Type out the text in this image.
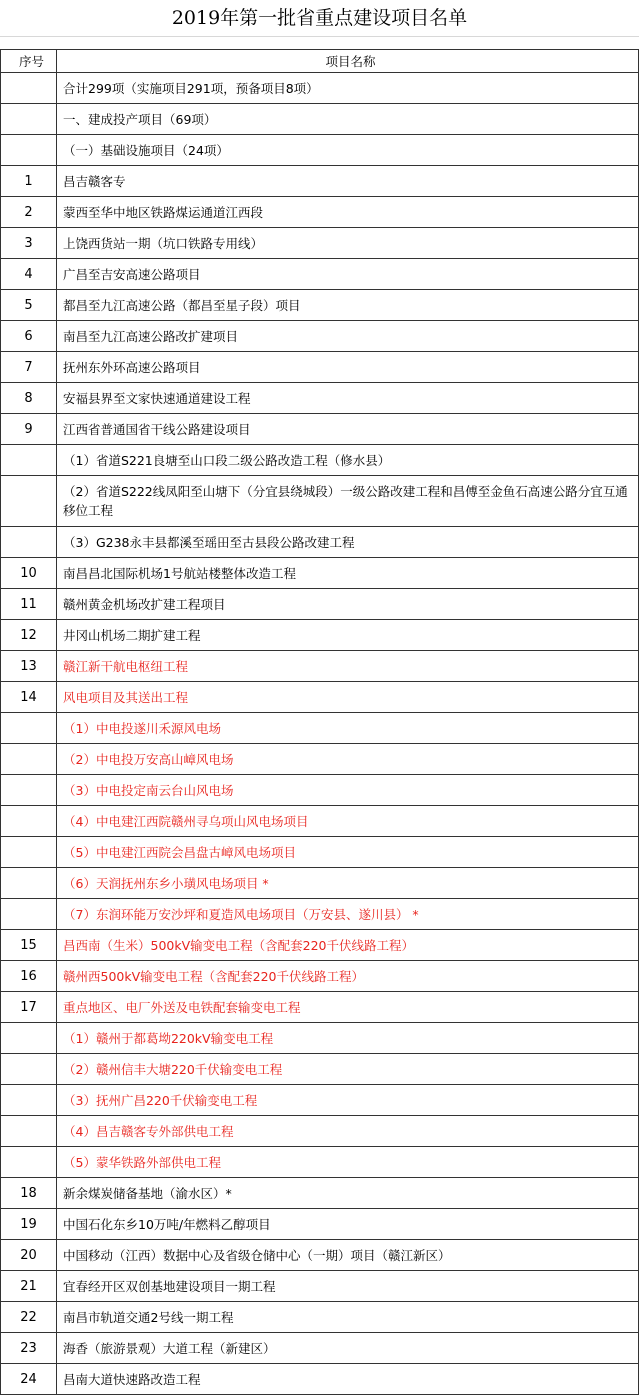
2019年第一批省重点建设项目名单
序号	项目名称
	合计299项（实施项目291项，预备项目8项）
	一、建成投产项目（69项）
	（一）基础设施项目（24项）
1	昌吉赣客专
2	蒙西至华中地区铁路煤运通道江西段
3	上饶西货站一期（坑口铁路专用线）
4	广昌至吉安高速公路项目
5	都昌至九江高速公路（都昌至星子段）项目
6	南昌至九江高速公路改扩建项目
7	抚州东外环高速公路项目
8	安福县界至文家快速通道建设工程
9	江西省普通国省干线公路建设项目
	（1）省道S221良塘至山口段二级公路改造工程（修水县）
	（2）省道S222线凤阳至山塘下（分宜县绕城段）一级公路改建工程和昌傅至金鱼石高速公路分宜互通移位工程
	（3）G238永丰县都溪至瑶田至古县段公路改建工程
10	南昌昌北国际机场1号航站楼整体改造工程
11	赣州黄金机场改扩建工程项目
12	井冈山机场二期扩建工程
13	赣江新干航电枢纽工程
14	风电项目及其送出工程
	（1）中电投遂川禾源风电场
	（2）中电投万安高山嶂风电场
	（3）中电投定南云台山风电场
	（4）中电建江西院赣州寻乌项山风电场项目
	（5）中电建江西院会昌盘古嶂风电场项目
	（6）天润抚州东乡小璜风电场项目 *
	（7）东润环能万安沙坪和夏造风电场项目（万安县、遂川县） *
15	昌西南（生米）500kV输变电工程（含配套220千伏线路工程）
16	赣州西500kV输变电工程（含配套220千伏线路工程）
17	重点地区、电厂外送及电铁配套输变电工程
	（1）赣州于都葛坳220kV输变电工程
	（2）赣州信丰大塘220千伏输变电工程
	（3）抚州广昌220千伏输变电工程
	（4）昌吉赣客专外部供电工程
	（5）蒙华铁路外部供电工程
18	新余煤炭储备基地（渝水区）*
19	中国石化东乡10万吨/年燃料乙醇项目
20	中国移动（江西）数据中心及省级仓储中心（一期）项目（赣江新区）
21	宜春经开区双创基地建设项目一期工程
22	南昌市轨道交通2号线一期工程
23	海香（旅游景观）大道工程（新建区）
24	昌南大道快速路改造工程
